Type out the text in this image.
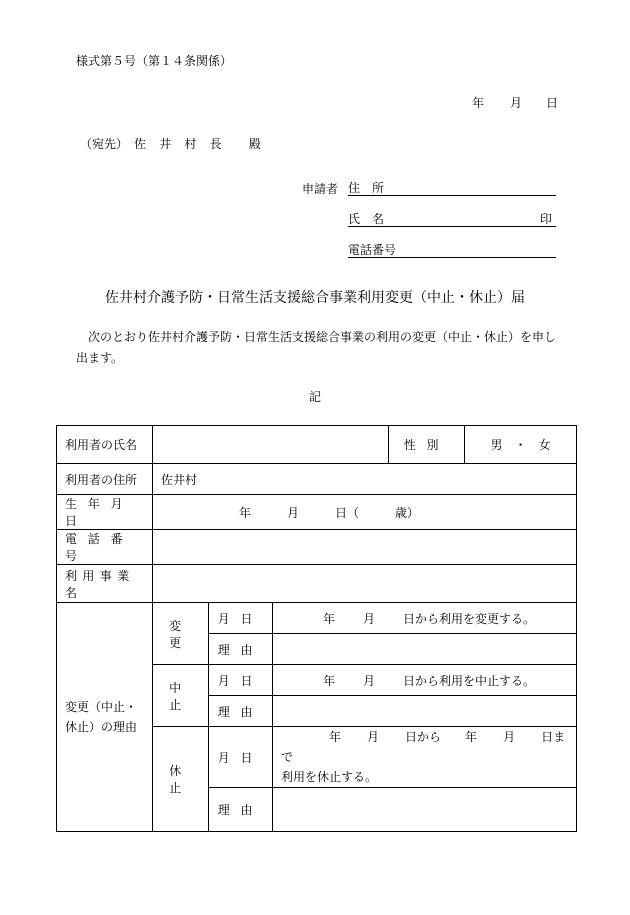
様式第５号（第１４条関係）
年 月 日
（宛先） 佐井村長 殿
申請者 住　所
氏　名	印
電話番号
佐井村介護予防・日常生活支援総合事業利用変更（中止・休止）届
次のとおり佐井村介護予防・日常生活支援総合事業の利用の変更（中止・休止）を申し出ます。
記
利用者の氏名				性別	男　・　女
利用者の住所	佐井村				
生年月日	年 月 日（ 歳）				
電話番号					
利用事業名					
変更（中止・休止）の理由	変更	月日	年 月 日から利用を変更する。		
		理由			
	中止	月日	年 月 日から利用を中止する。		
		理由			
	休止	月日	年 月 日から 年 月 日まで
利用を休止する。		
		理由			
